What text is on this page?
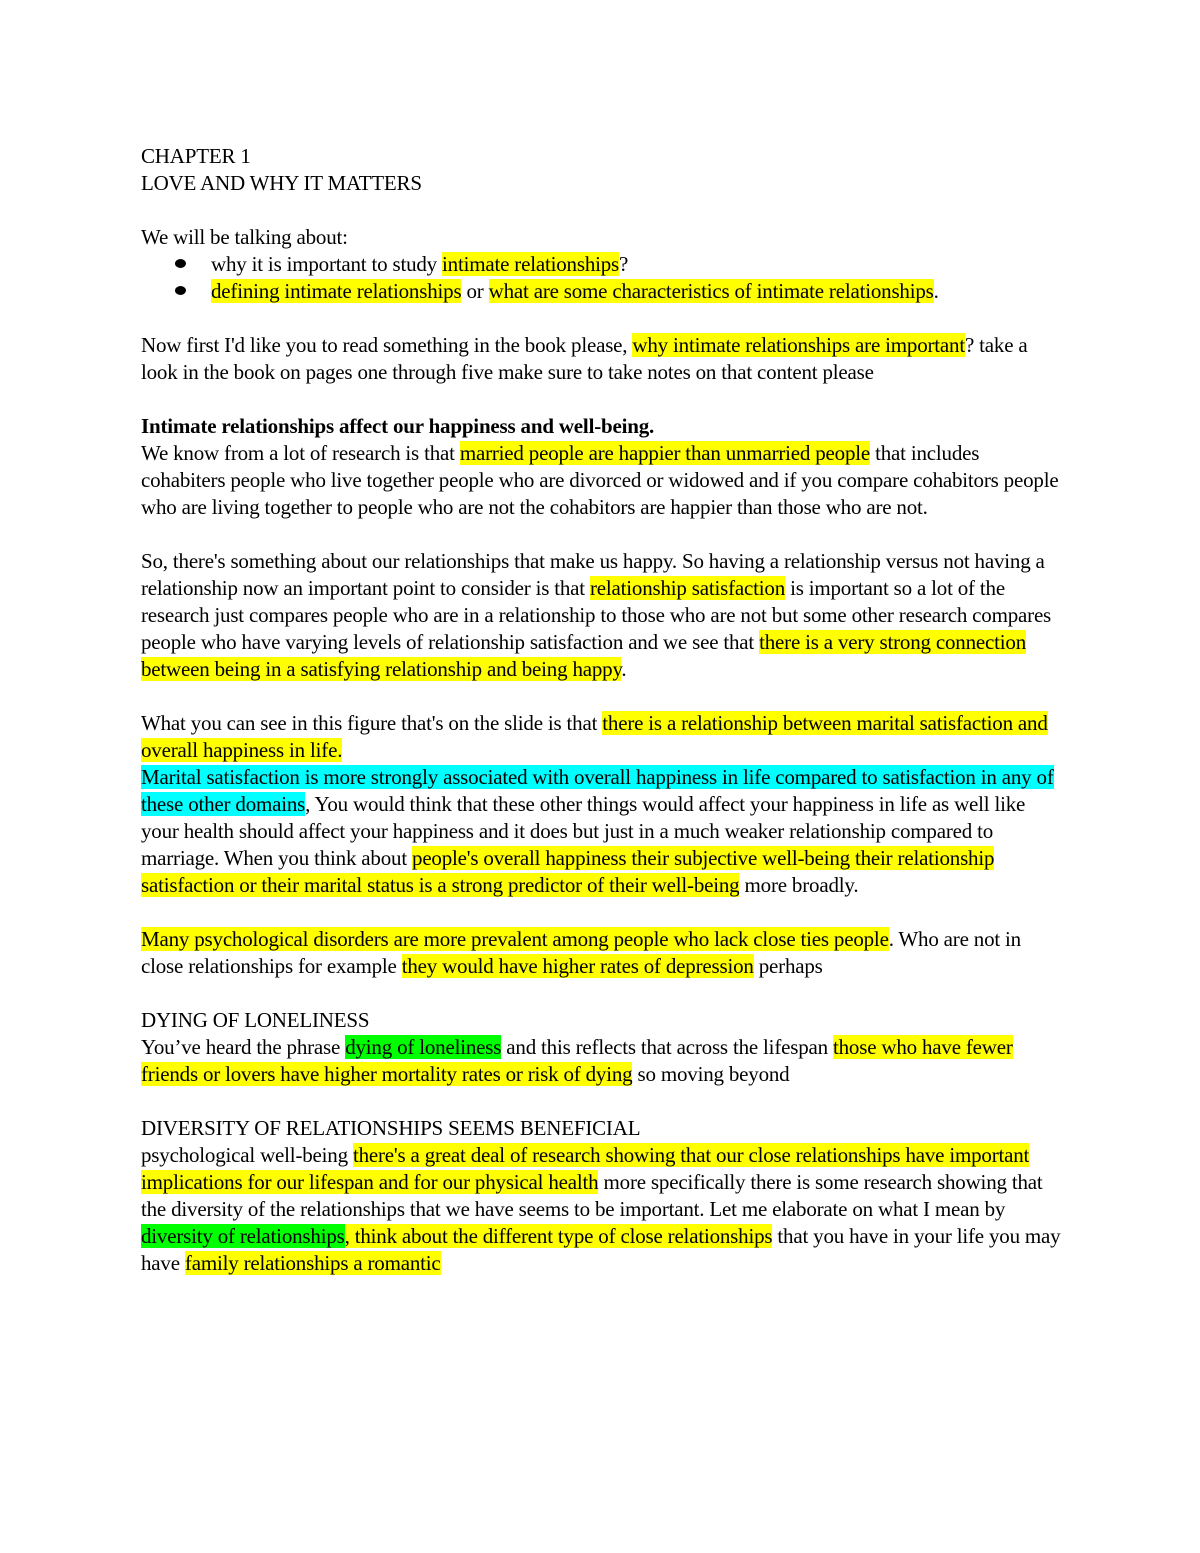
CHAPTER 1

LOVE AND WHY IT MATTERS

We will be talking about:

why it is important to study intimate relationships?
defining intimate relationships or what are some characteristics of intimate relationships.

Now first I'd like you to read something in the book please, why intimate relationships are important? take a look in the book on pages one through five make sure to take notes on that content please

Intimate relationships affect our happiness and well-being.

We know from a lot of research is that married people are happier than unmarried people that includes cohabiters people who live together people who are divorced or widowed and if you compare cohabitors people who are living together to people who are not the cohabitors are happier than those who are not.

So, there's something about our relationships that make us happy. So having a relationship versus not having a relationship now an important point to consider is that relationship satisfaction is important so a lot of the research just compares people who are in a relationship to those who are not but some other research compares people who have varying levels of relationship satisfaction and we see that there is a very strong connection between being in a satisfying relationship and being happy.

What you can see in this figure that's on the slide is that there is a relationship between marital satisfaction and overall happiness in life.

Marital satisfaction is more strongly associated with overall happiness in life compared to satisfaction in any of these other domains, You would think that these other things would affect your happiness in life as well like your health should affect your happiness and it does but just in a much weaker relationship compared to marriage. When you think about people's overall happiness their subjective well-being their relationship satisfaction or their marital status is a strong predictor of their well-being more broadly.

Many psychological disorders are more prevalent among people who lack close ties people. Who are not in close relationships for example they would have higher rates of depression perhaps

DYING OF LONELINESS

You’ve heard the phrase dying of loneliness and this reflects that across the lifespan those who have fewer friends or lovers have higher mortality rates or risk of dying so moving beyond

DIVERSITY OF RELATIONSHIPS SEEMS BENEFICIAL

psychological well-being there's a great deal of research showing that our close relationships have important implications for our lifespan and for our physical health more specifically there is some research showing that the diversity of the relationships that we have seems to be important. Let me elaborate on what I mean by diversity of relationships, think about the different type of close relationships that you have in your life you may have family relationships a romantic
